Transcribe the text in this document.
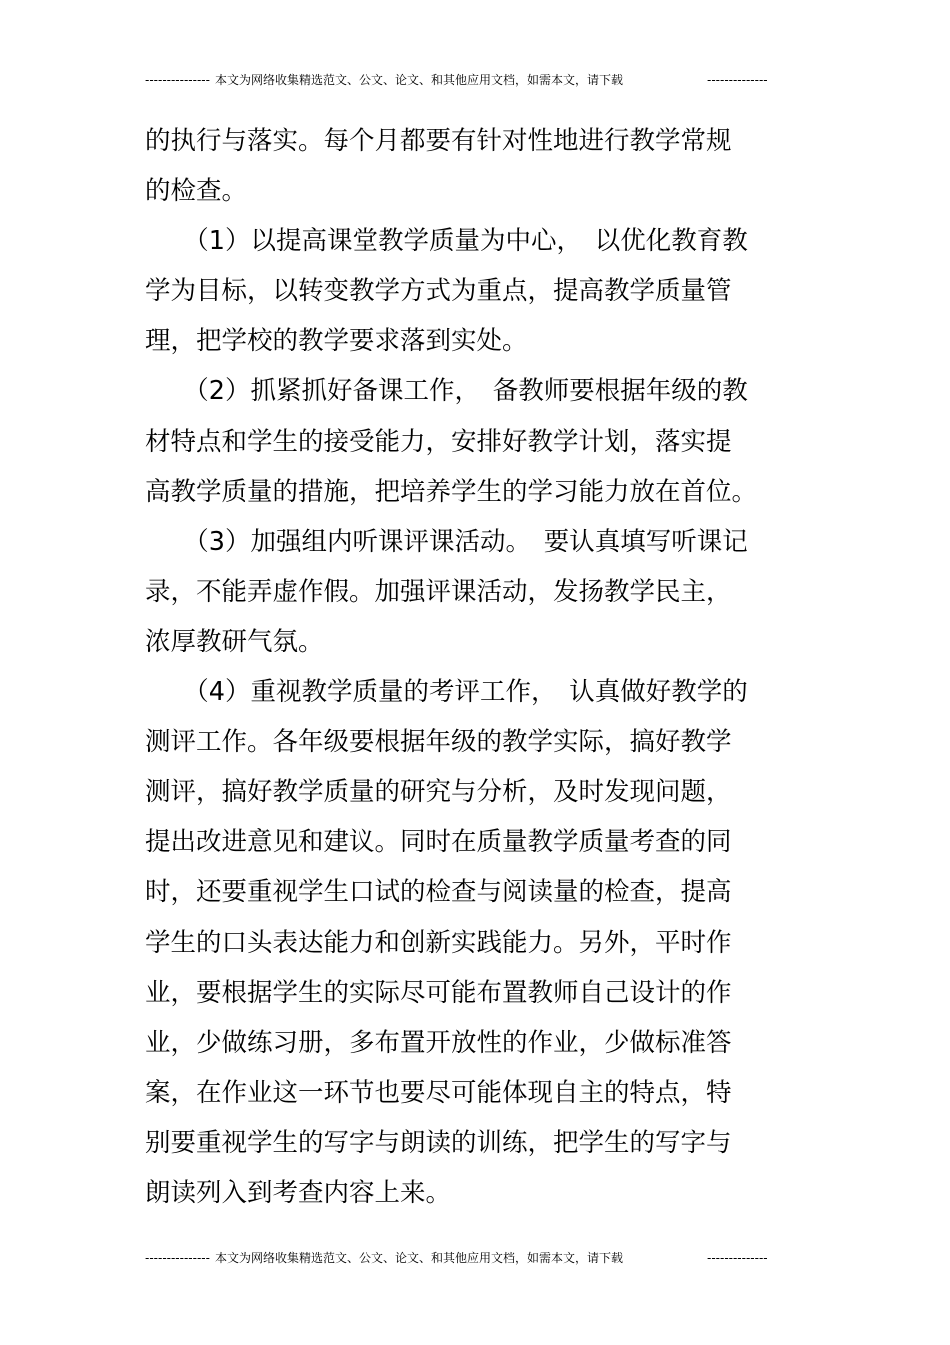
--------------- 本文为网络收集精选范文、公文、论文、和其他应用文档，如需本文，请下载	--------------
的执行与落实。每个月都要有针对性地进行教学常规
的检查。
　　（1）以提高课堂教学质量为中心，　以优化教育教
学为目标，以转变教学方式为重点，提高教学质量管
理，把学校的教学要求落到实处。
　　（2）抓紧抓好备课工作，　备教师要根据年级的教
材特点和学生的接受能力，安排好教学计划，落实提
高教学质量的措施，把培养学生的学习能力放在首位。
　　（3）加强组内听课评课活动。　要认真填写听课记
录，不能弄虚作假。加强评课活动，发扬教学民主，
浓厚教研气氛。
　　（4）重视教学质量的考评工作，　认真做好教学的
测评工作。各年级要根据年级的教学实际，搞好教学
测评，搞好教学质量的研究与分析，及时发现问题，
提出改进意见和建议。同时在质量教学质量考查的同
时，还要重视学生口试的检查与阅读量的检查，提高
学生的口头表达能力和创新实践能力。另外，平时作
业，要根据学生的实际尽可能布置教师自己设计的作
业，少做练习册，多布置开放性的作业，少做标准答
案，在作业这一环节也要尽可能体现自主的特点，特
别要重视学生的写字与朗读的训练，把学生的写字与
朗读列入到考查内容上来。
--------------- 本文为网络收集精选范文、公文、论文、和其他应用文档，如需本文，请下载	--------------
